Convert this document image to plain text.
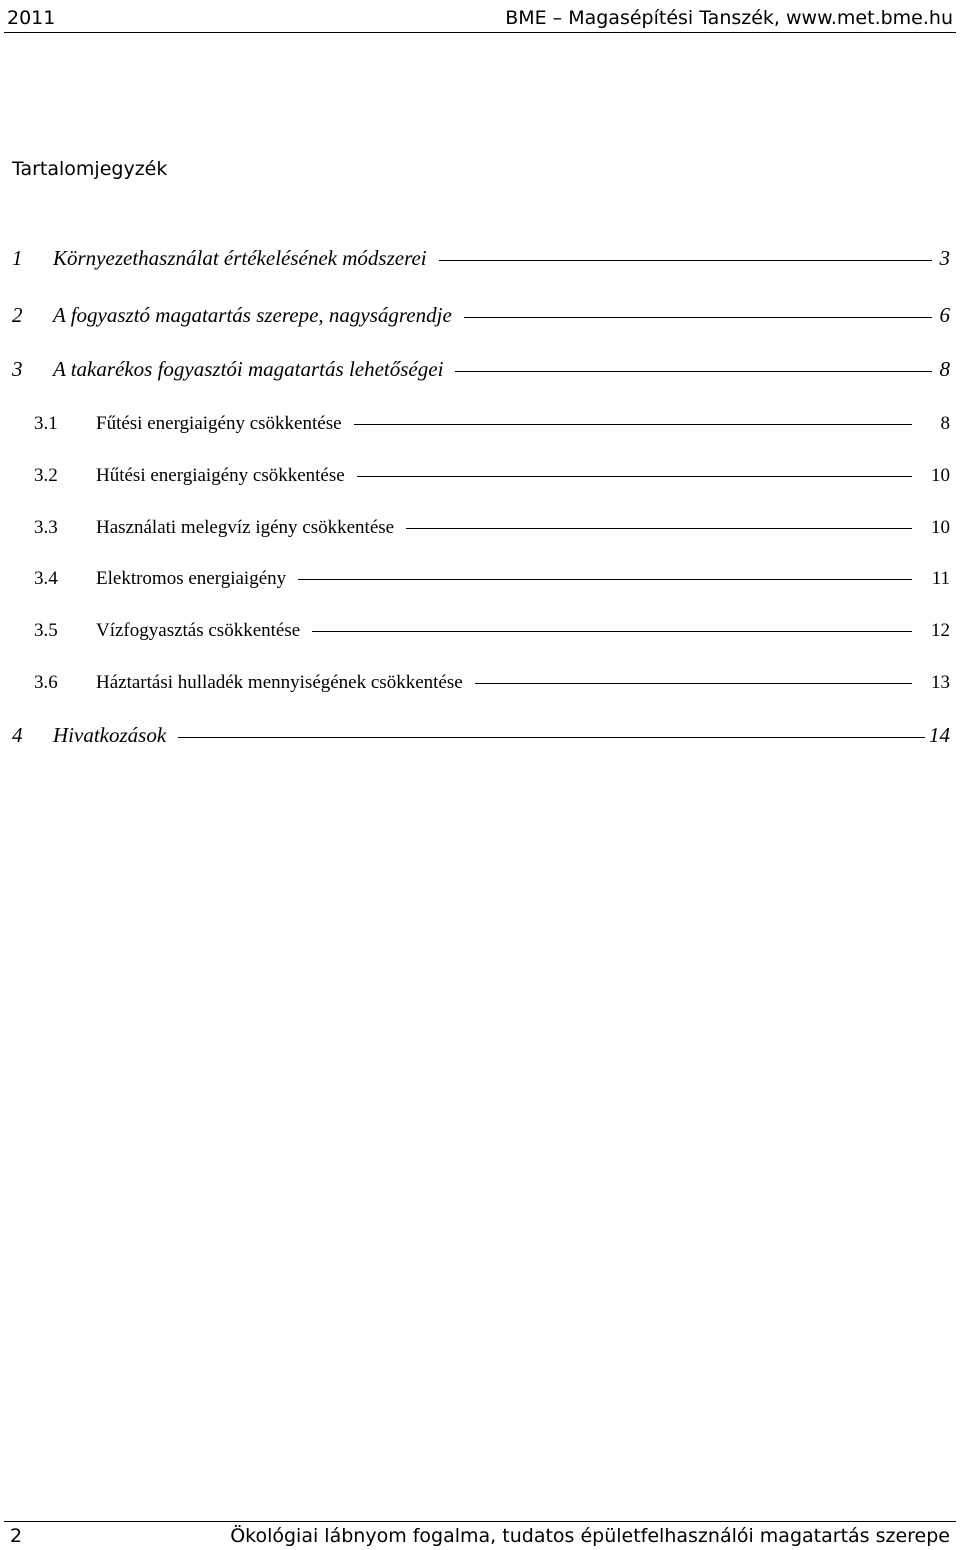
2011	BME – Magasépítési Tanszék, www.met.bme.hu
Tartalomjegyzék
1	Környezethasználat értékelésének módszerei	3
2	A fogyasztó magatartás szerepe, nagyságrendje	6
3	A takarékos fogyasztói magatartás lehetőségei	8
3.1	Fűtési energiaigény csökkentése	8
3.2	Hűtési energiaigény csökkentése	10
3.3	Használati melegvíz igény csökkentése	10
3.4	Elektromos energiaigény	11
3.5	Vízfogyasztás csökkentése	12
3.6	Háztartási hulladék mennyiségének csökkentése	13
4	Hivatkozások	14
2	Ökológiai lábnyom fogalma, tudatos épületfelhasználói magatartás szerepe
